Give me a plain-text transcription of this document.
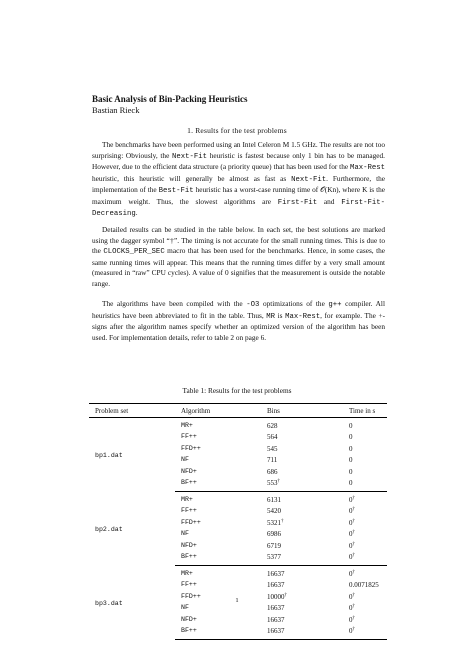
Basic Analysis of Bin-Packing Heuristics
Bastian Rieck
1. Results for the test problems

The benchmarks have been performed using an Intel Celeron M 1.5 GHz. The results are not too surprising: Obviously, the Next-Fit heuristic is fastest because only 1 bin has to be managed. However, due to the efficient data structure (a priority queue) that has been used for the Max-Rest heuristic, this heuristic will generally be almost as fast as Next-Fit. Furthermore, the implementation of the Best-Fit heuristic has a worst-case running time of 𝒪(Kn), where K is the maximum weight. Thus, the slowest algorithms are First-Fit and First-Fit-Decreasing.

Detailed results can be studied in the table below. In each set, the best solutions are marked using the dagger symbol “†”. The timing is not accurate for the small running times. This is due to the CLOCKS_PER_SEC macro that has been used for the benchmarks. Hence, in some cases, the same running times will appear. This means that the running times differ by a very small amount (measured in “raw” CPU cycles). A value of 0 signifies that the measurement is outside the notable range.

The algorithms have been compiled with the -O3 optimizations of the g++ compiler. All heuristics have been abbreviated to fit in the table. Thus, MR is Max-Rest, for example. The +-signs after the algorithm names specify whether an optimized version of the algorithm has been used. For implementation details, refer to table 2 on page 6.

Table 1: Results for the test problems
Problem set	Algorithm	Bins	Time in s
bp1.dat	MR+	628	0
	FF++	564	0
	FFD++	545	0
	NF	711	0
	NFD+	686	0
	BF++	553†	0
bp2.dat	MR+	6131	0†
	FF++	5420	0†
	FFD++	5321†	0†
	NF	6986	0†
	NFD+	6719	0†
	BF++	5377	0†
bp3.dat	MR+	16637	0†
	FF++	16637	0.0071825
	FFD++	10000†	0†
	NF	16637	0†
	NFD+	16637	0†
	BF++	16637	0†
1
